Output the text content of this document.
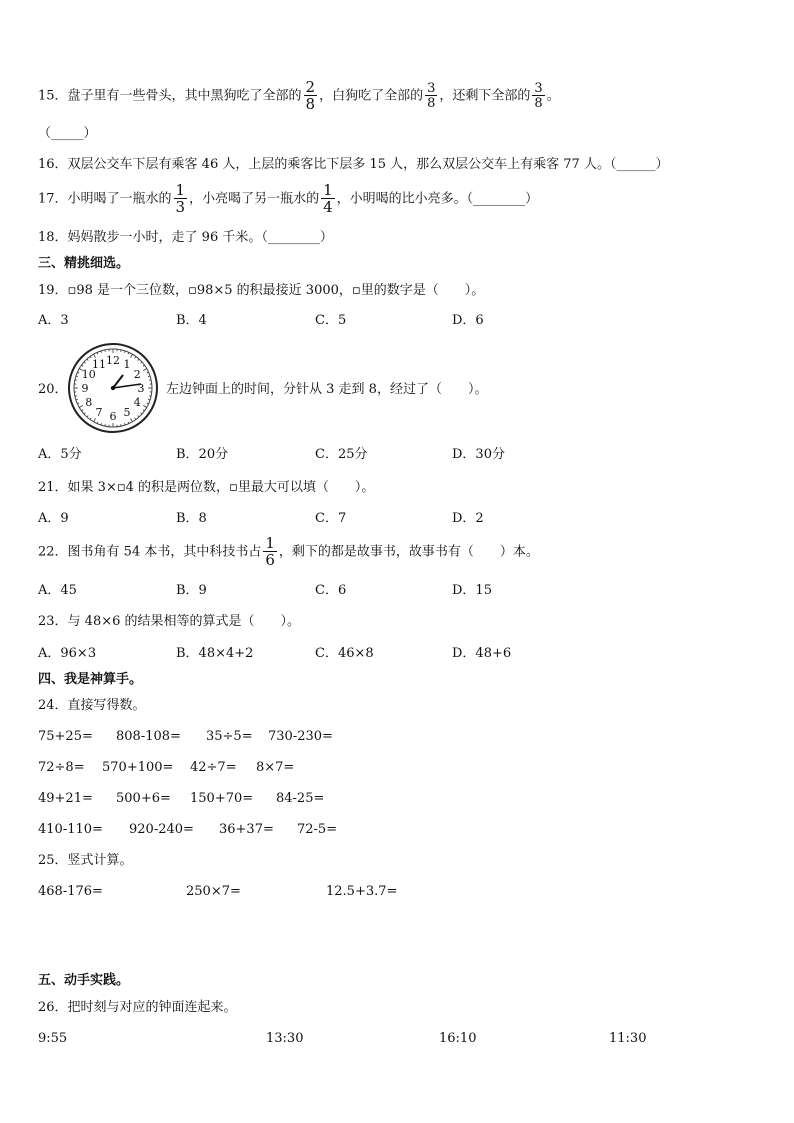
15．盘子里有一些骨头，其中黑狗吃了全部的 $\frac{2}{8}$ ，白狗吃了全部的 $\frac{3}{8}$ ，还剩下全部的 $\frac{3}{8}$ 。
（_____）
16．双层公交车下层有乘客 46 人，上层的乘客比下层多 15 人，那么双层公交车上有乘客 77 人。（______）
17．小明喝了一瓶水的 $\frac{1}{3}$ ，小亮喝了另一瓶水的 $\frac{1}{4}$ ，小明喝的比小亮多。（________）
18．妈妈散步一小时，走了 96 千米。（________）
三、精挑细选。
19．▫98 是一个三位数，▫98×5 的积最接近 3000，▫里的数字是（　　）。
A．3	B．4	C．5	D．6
20．
12 1
2
3
4
5
6
7
8
9
10
11
左边钟面上的时间，分针从 3 走到 8，经过了（　　）。
A．5分	B．20分	C．25分	D．30分
21．如果 3×▫4 的积是两位数，▫里最大可以填（　　）。
A．9	B．8	C．7	D．2
22．图书角有 54 本书，其中科技书占 $\frac{1}{6}$ ，剩下的都是故事书，故事书有（　　）本。
A．45	B．9	C．6	D．15
23．与 48×6 的结果相等的算式是（　　）。
A．96×3	B．48×4+2	C．46×8	D．48+6
四、我是神算手。
24．直接写得数。
75+25= 808-108= 35÷5= 730-230=
72÷8= 570+100= 42÷7= 8×7=
49+21= 500+6= 150+70= 84-25=
410-110= 920-240= 36+37= 72-5=
25．竖式计算。
468-176=	250×7=	12.5+3.7=
五、动手实践。
26．把时刻与对应的钟面连起来。
9:55	13:30	16:10	11:30
